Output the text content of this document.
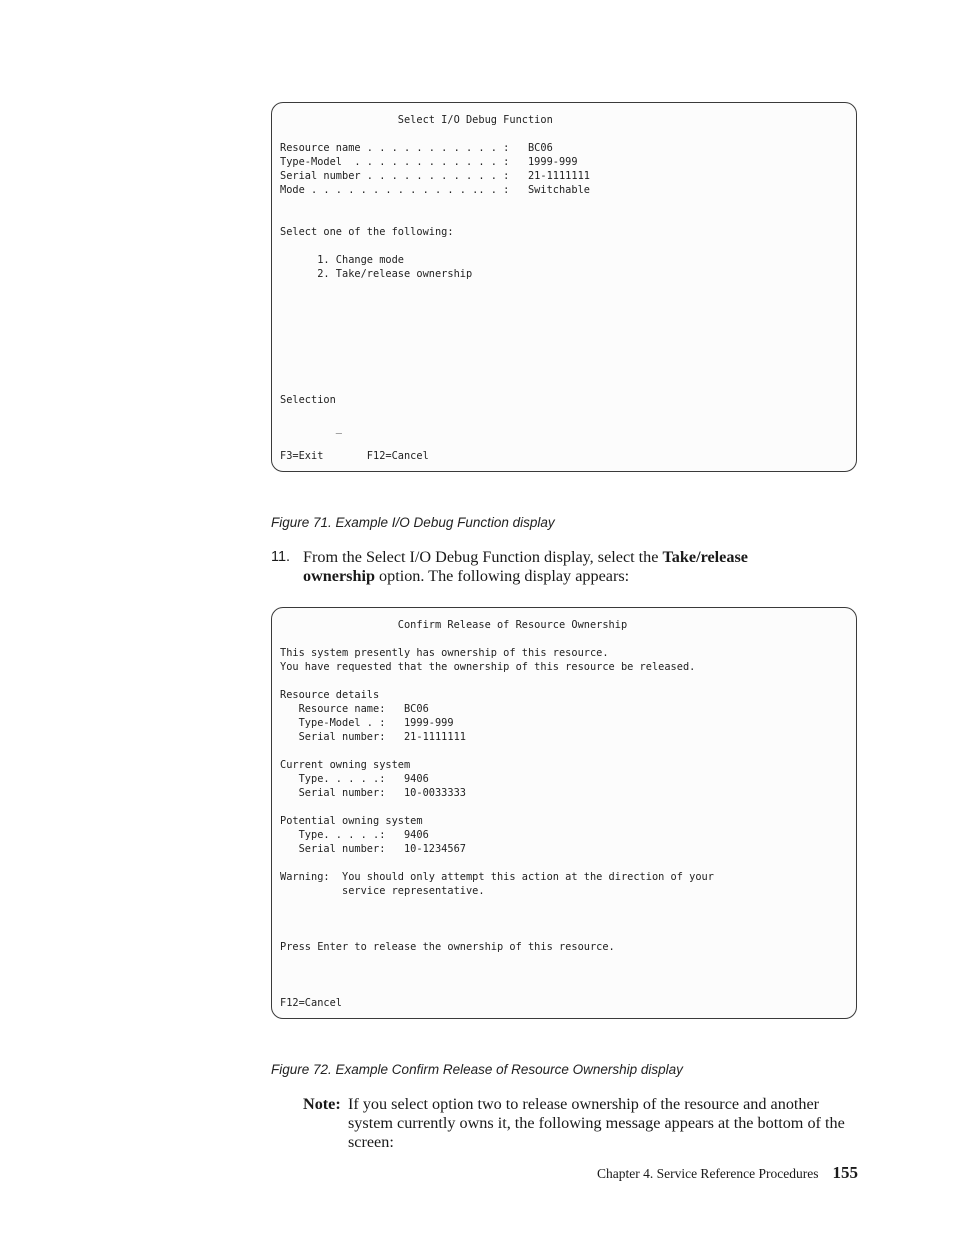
Select I/O Debug Function

Resource name . . . . . . . . . . . :   BC06
Type-Model  . . . . . . . . . . . . :   1999-999
Serial number . . . . . . . . . . . :   21-1111111
Mode . . . . . . . . . . . . . .. . :   Switchable

Select one of the following:

1. Change mode
2. Take/release ownership

Selection

_

F3=Exit       F12=Cancel
Figure 71. Example I/O Debug Function display
11. From the Select I/O Debug Function display, select the Take/release ownership option. The following display appears:
Confirm Release of Resource Ownership

This system presently has ownership of this resource.
You have requested that the ownership of this resource be released.

Resource details
Resource name:   BC06
Type-Model . :   1999-999
Serial number:   21-1111111

Current owning system
Type. . . . .:   9406
Serial number:   10-0033333

Potential owning system
Type. . . . .:   9406
Serial number:   10-1234567

Warning:  You should only attempt this action at the direction of your
service representative.

Press Enter to release the ownership of this resource.

F12=Cancel
Figure 72. Example Confirm Release of Resource Ownership display
Note: If you select option two to release ownership of the resource and another system currently owns it, the following message appears at the bottom of the screen:
Chapter 4. Service Reference Procedures 155
